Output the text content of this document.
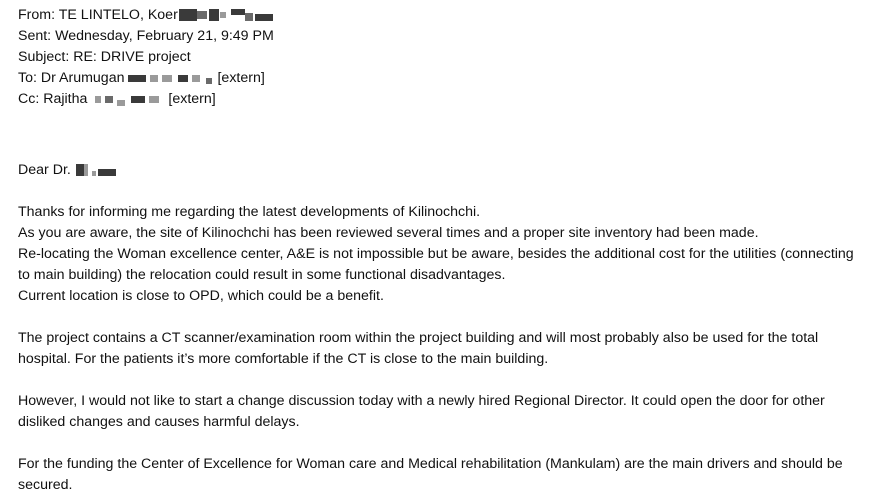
From: TE LINTELO, Koer
Sent: Wednesday, February 21, 9:49 PM
Subject: RE: DRIVE project
To: Dr Arumugan	[extern]
Cc: Rajitha	[extern]
Dear Dr.
Thanks for informing me regarding the latest developments of Kilinochchi.
As you are aware, the site of Kilinochchi has been reviewed several times and a proper site inventory had been made.
Re-locating the Woman excellence center, A&E is not impossible but be aware, besides the additional cost for the utilities (connecting
to main building) the relocation could result in some functional disadvantages.
Current location is close to OPD, which could be a benefit.
The project contains a CT scanner/examination room within the project building and will most probably also be used for the total
hospital. For the patients it’s more comfortable if the CT is close to the main building.
However, I would not like to start a change discussion today with a newly hired Regional Director. It could open the door for other
disliked changes and causes harmful delays.
For the funding the Center of Excellence for Woman care and Medical rehabilitation (Mankulam) are the main drivers and should be
secured.
